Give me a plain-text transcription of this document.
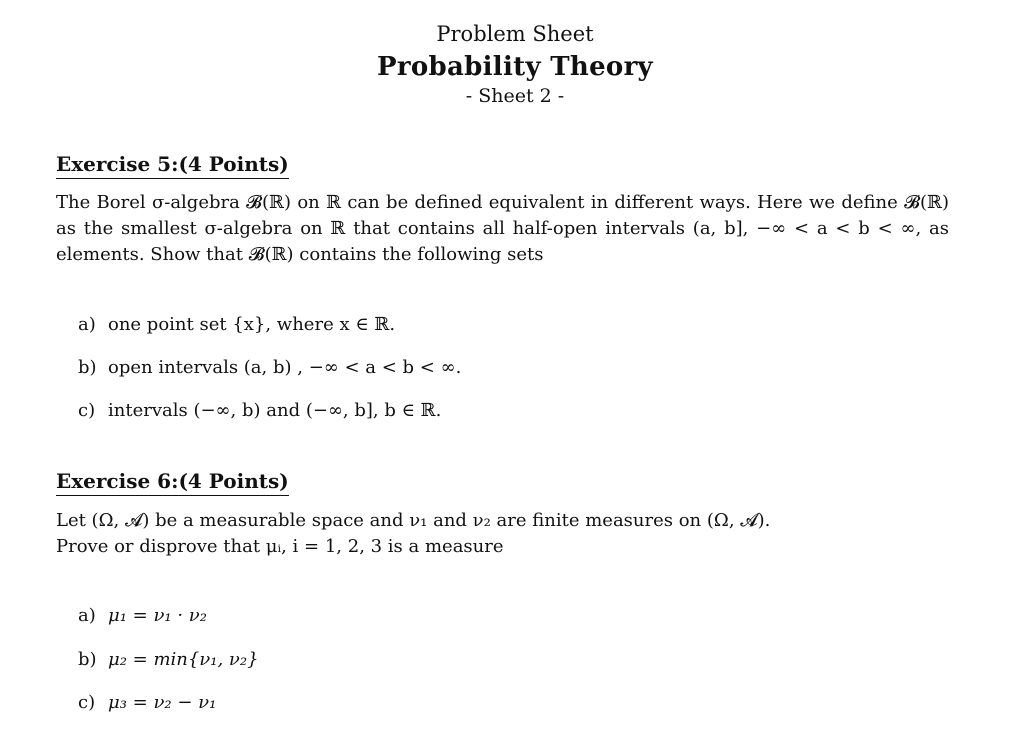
Problem Sheet
Probability Theory
- Sheet 2 -
Exercise 5:(4 Points)
The Borel σ-algebra 𝓑(ℝ) on ℝ can be defined equivalent in different ways. Here we define 𝓑(ℝ) as the smallest σ-algebra on ℝ that contains all half-open intervals (a, b], −∞ < a < b < ∞, as elements. Show that 𝓑(ℝ) contains the following sets
a) one point set {x}, where x ∈ ℝ.
b) open intervals (a, b) , −∞ < a < b < ∞.
c) intervals (−∞, b) and (−∞, b], b ∈ ℝ.
Exercise 6:(4 Points)
Let (Ω, 𝓐) be a measurable space and ν₁ and ν₂ are finite measures on (Ω, 𝓐).
Prove or disprove that μᵢ, i = 1, 2, 3 is a measure
a) μ₁ = ν₁ · ν₂
b) μ₂ = min{ν₁, ν₂}
c) μ₃ = ν₂ − ν₁
